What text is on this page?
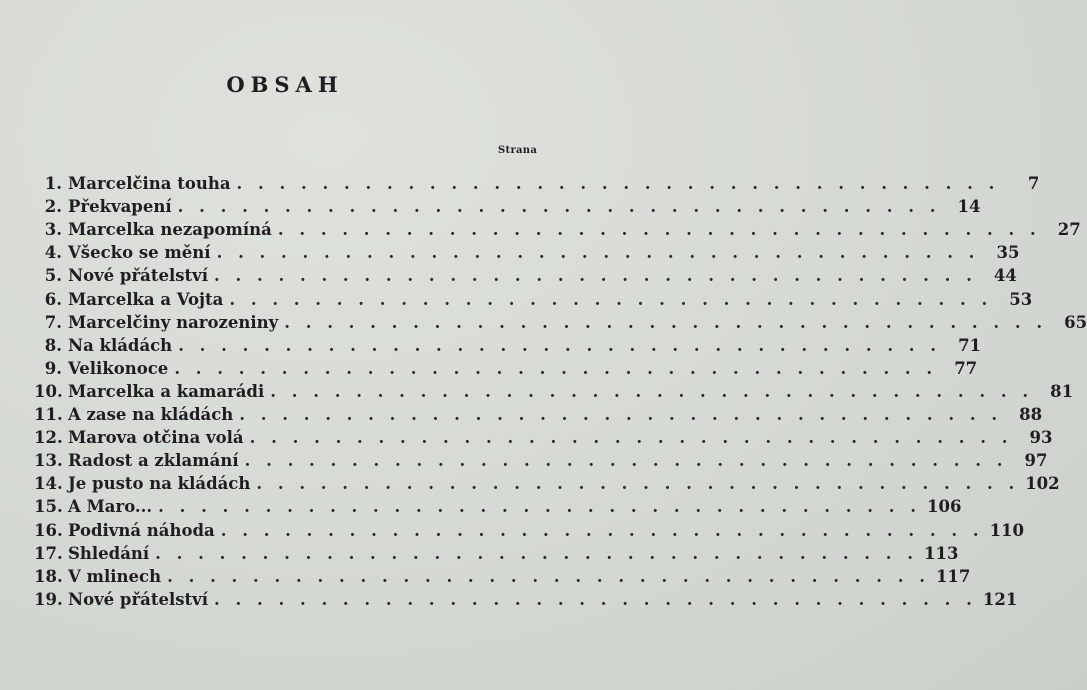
OBSAH
Strana
1. Marcelčina touha . . . . . . . . . . . . . . . . . . . . . . . . . . . . . . . . . . . .	7
2. Překvapení . . . . . . . . . . . . . . . . . . . . . . . . . . . . . . . . . . . .	14
3. Marcelka nezapomíná . . . . . . . . . . . . . . . . . . . . . . . . . . . . . . . . . . . .	27
4. Všecko se mění . . . . . . . . . . . . . . . . . . . . . . . . . . . . . . . . . . . .	35
5. Nové přátelství . . . . . . . . . . . . . . . . . . . . . . . . . . . . . . . . . . . .	44
6. Marcelka a Vojta . . . . . . . . . . . . . . . . . . . . . . . . . . . . . . . . . . . .	53
7. Marcelčiny narozeniny . . . . . . . . . . . . . . . . . . . . . . . . . . . . . . . . . . . .	65
8. Na kládách . . . . . . . . . . . . . . . . . . . . . . . . . . . . . . . . . . . .	71
9. Velikonoce . . . . . . . . . . . . . . . . . . . . . . . . . . . . . . . . . . . .	77
10. Marcelka a kamarádi . . . . . . . . . . . . . . . . . . . . . . . . . . . . . . . . . . . .	81
11. A zase na kládách . . . . . . . . . . . . . . . . . . . . . . . . . . . . . . . . . . . .	88
12. Marova otčina volá . . . . . . . . . . . . . . . . . . . . . . . . . . . . . . . . . . . .	93
13. Radost a zklamání . . . . . . . . . . . . . . . . . . . . . . . . . . . . . . . . . . . .	97
14. Je pusto na kládách . . . . . . . . . . . . . . . . . . . . . . . . . . . . . . . . . . . . 102
15. A Maro... . . . . . . . . . . . . . . . . . . . . . . . . . . . . . . . . . . . . 106
16. Podivná náhoda . . . . . . . . . . . . . . . . . . . . . . . . . . . . . . . . . . . . 110
17. Shledání . . . . . . . . . . . . . . . . . . . . . . . . . . . . . . . . . . . . 113
18. V mlinech . . . . . . . . . . . . . . . . . . . . . . . . . . . . . . . . . . . . 117
19. Nové přátelství . . . . . . . . . . . . . . . . . . . . . . . . . . . . . . . . . . . . 121
